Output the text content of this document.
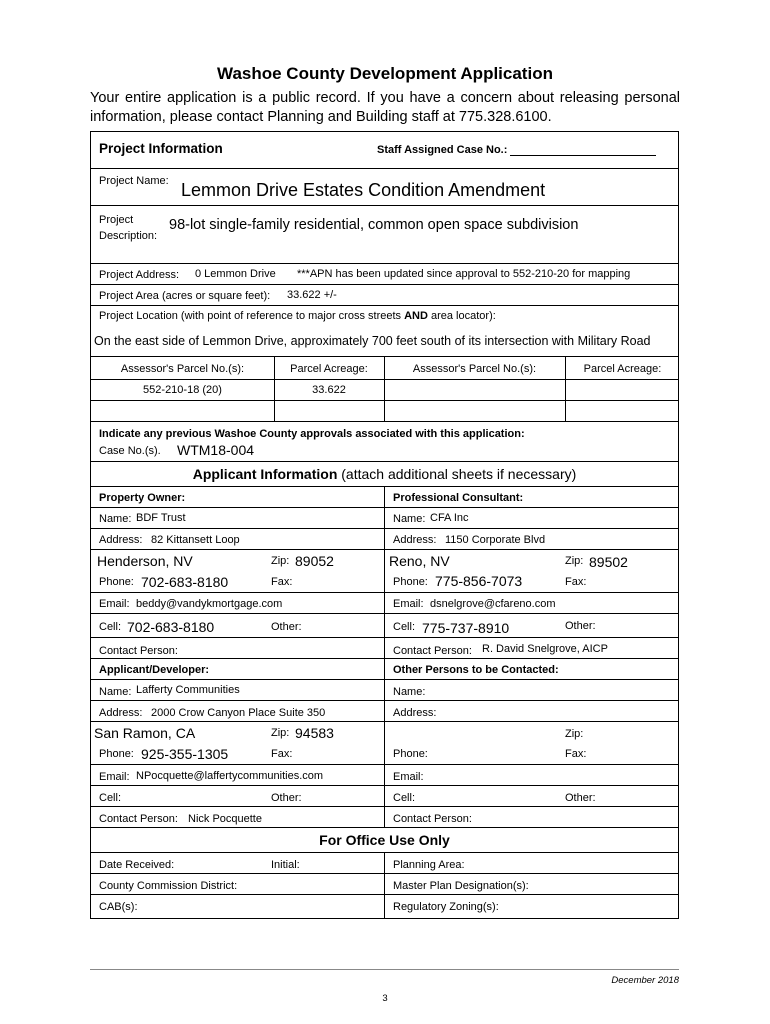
Washoe County Development Application
Your entire application is a public record. If you have a concern about releasing personal information, please contact Planning and Building staff at 775.328.6100.
Project Information	Staff Assigned Case No.:
Project Name: Lemmon Drive Estates Condition Amendment
Project
Description:
98-lot single-family residential, common open space subdivision
Project Address: 0 Lemmon Drive ***APN has been updated since approval to 552-210-20 for mapping
Project Area (acres or square feet): 33.622 +/-
Project Location (with point of reference to major cross streets AND area locator):
On the east side of Lemmon Drive, approximately 700 feet south of its intersection with Military Road
Assessor's Parcel No.(s):	Parcel Acreage:	Assessor's Parcel No.(s):	Parcel Acreage:
552-210-18 (20)	33.622
Indicate any previous Washoe County approvals associated with this application:
Case No.(s). WTM18-004
Applicant Information (attach additional sheets if necessary)
Property Owner:	Professional Consultant:
Name: BDF Trust	Name: CFA Inc
Address: 82 Kittansett Loop	Address: 1150 Corporate Blvd
Henderson, NV	Zip: 89052	Reno, NV	Zip: 89502
Phone: 702-683-8180	Fax:	Phone: 775-856-7073	Fax:
Email: beddy@vandykmortgage.com	Email: dsnelgrove@cfareno.com
Cell: 702-683-8180	Other:	Cell: 775-737-8910	Other:
Contact Person:	Contact Person: R. David Snelgrove, AICP
Applicant/Developer:	Other Persons to be Contacted:
Name: Lafferty Communities	Name:
Address: 2000 Crow Canyon Place Suite 350	Address:
San Ramon, CA	Zip: 94583	Zip:
Phone: 925-355-1305	Fax:	Phone:	Fax:
Email: NPocquette@laffertycommunities.com	Email:
Cell:	Other:	Cell:	Other:
Contact Person: Nick Pocquette	Contact Person:
For Office Use Only
Date Received:	Initial:	Planning Area:
County Commission District:	Master Plan Designation(s):
CAB(s):	Regulatory Zoning(s):
December 2018
3
